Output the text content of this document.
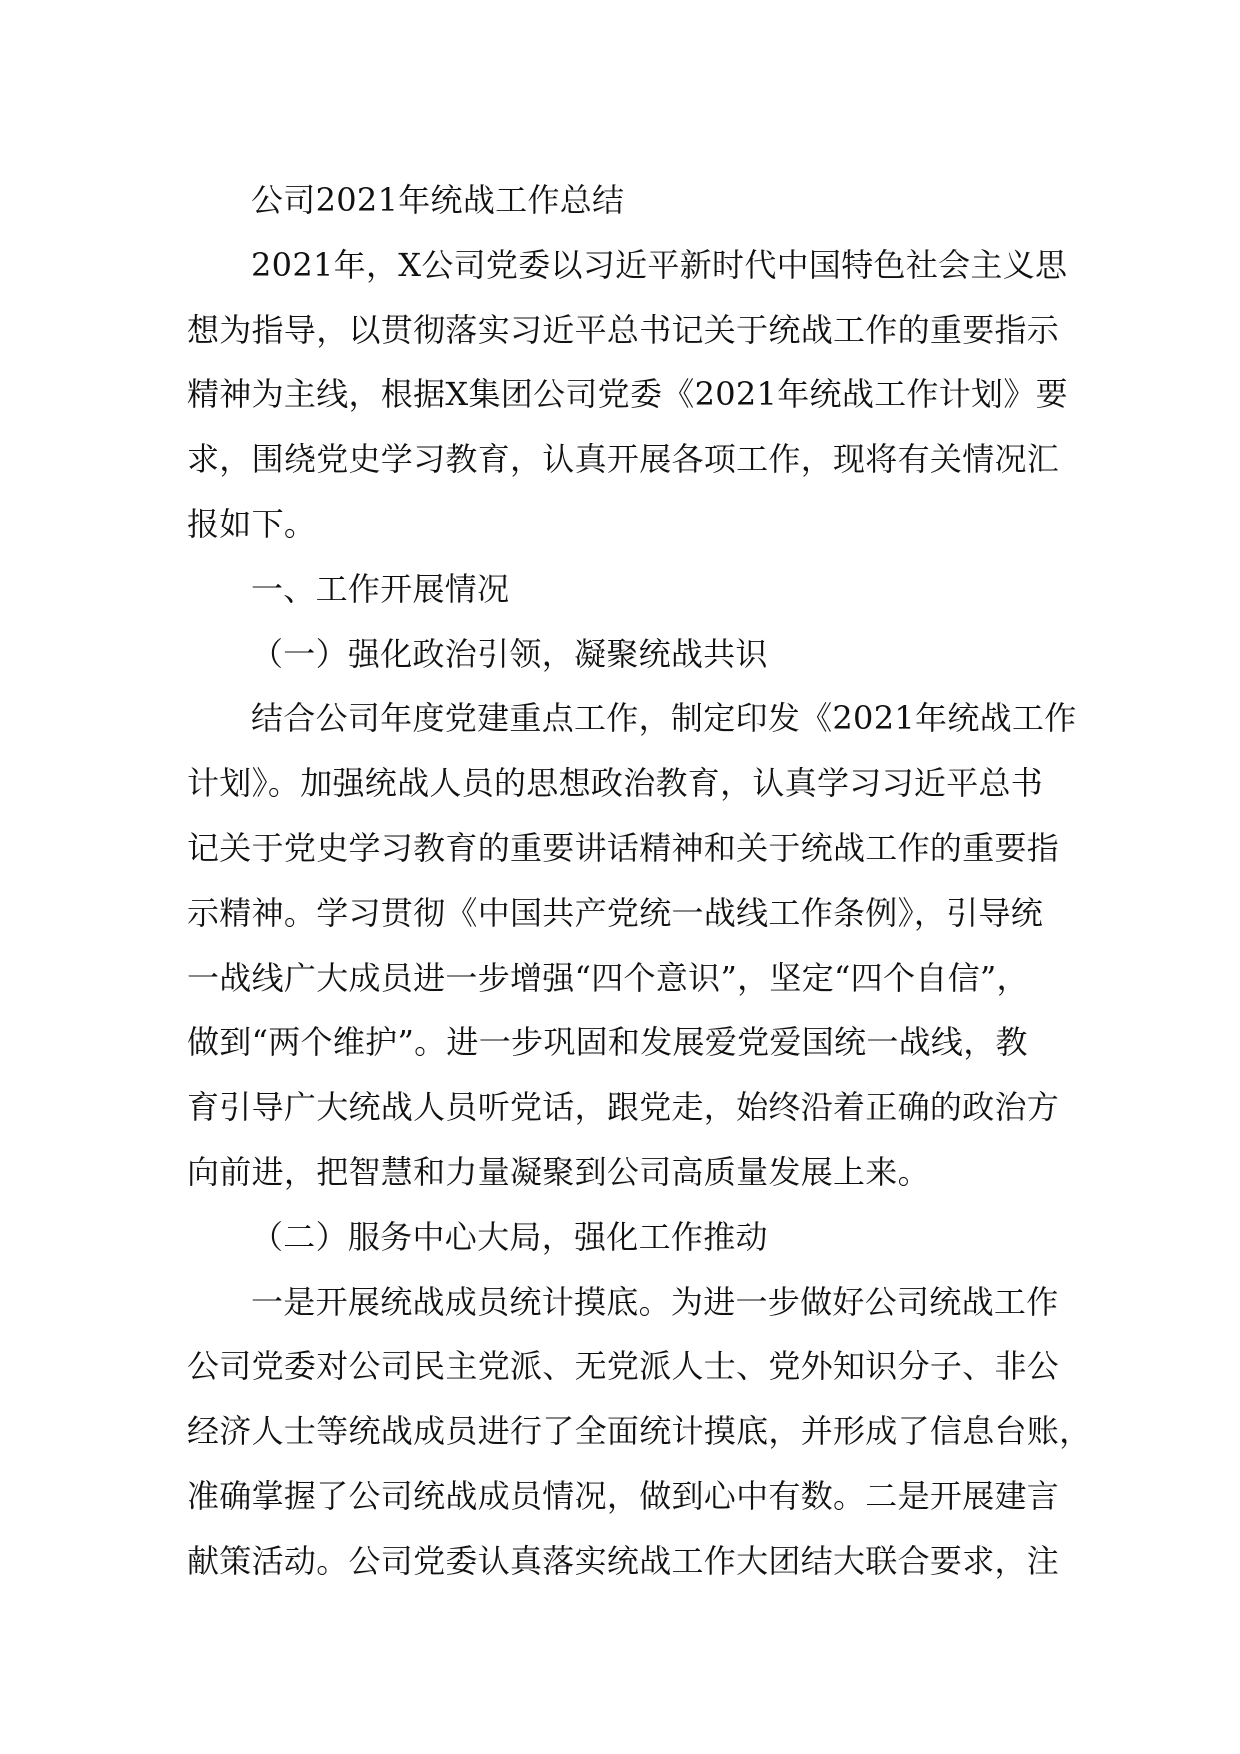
公司2021年统战工作总结
2021年，X公司党委以习近平新时代中国特色社会主义思
想为指导，以贯彻落实习近平总书记关于统战工作的重要指示
精神为主线，根据X集团公司党委《2021年统战工作计划》要
求，围绕党史学习教育，认真开展各项工作，现将有关情况汇
报如下。
一、工作开展情况
（一）强化政治引领，凝聚统战共识
结合公司年度党建重点工作，制定印发《2021年统战工作
计划》。加强统战人员的思想政治教育，认真学习习近平总书
记关于党史学习教育的重要讲话精神和关于统战工作的重要指
示精神。学习贯彻《中国共产党统一战线工作条例》，引导统
一战线广大成员进一步增强“四个意识”，坚定“四个自信”，
做到“两个维护”。进一步巩固和发展爱党爱国统一战线，教
育引导广大统战人员听党话，跟党走，始终沿着正确的政治方
向前进，把智慧和力量凝聚到公司高质量发展上来。
（二）服务中心大局，强化工作推动
一是开展统战成员统计摸底。为进一步做好公司统战工作
公司党委对公司民主党派、无党派人士、党外知识分子、非公
经济人士等统战成员进行了全面统计摸底，并形成了信息台账，
准确掌握了公司统战成员情况，做到心中有数。二是开展建言
献策活动。公司党委认真落实统战工作大团结大联合要求，注
